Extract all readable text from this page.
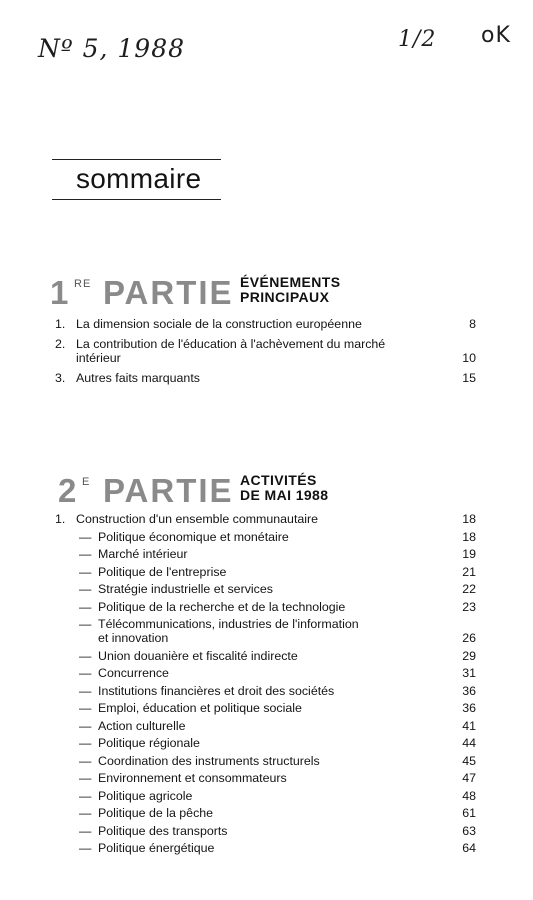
Nº 5, 1988	1/2 oK
sommaire
1 RE PARTIE ÉVÉNEMENTS
PRINCIPAUX
1. La dimension sociale de la construction européenne	8
2. La contribution de l'éducation à l'achèvement du marché
intérieur	10
3. Autres faits marquants	15
2 E PARTIE ACTIVITÉS
DE MAI 1988
1. Construction d'un ensemble communautaire	18
— Politique économique et monétaire	18
— Marché intérieur	19
— Politique de l'entreprise	21
— Stratégie industrielle et services	22
— Politique de la recherche et de la technologie	23
— Télécommunications, industries de l'information
et innovation	26
— Union douanière et fiscalité indirecte	29
— Concurrence	31
— Institutions financières et droit des sociétés	36
— Emploi, éducation et politique sociale	36
— Action culturelle	41
— Politique régionale	44
— Coordination des instruments structurels	45
— Environnement et consommateurs	47
— Politique agricole	48
— Politique de la pêche	61
— Politique des transports	63
— Politique énergétique	64
